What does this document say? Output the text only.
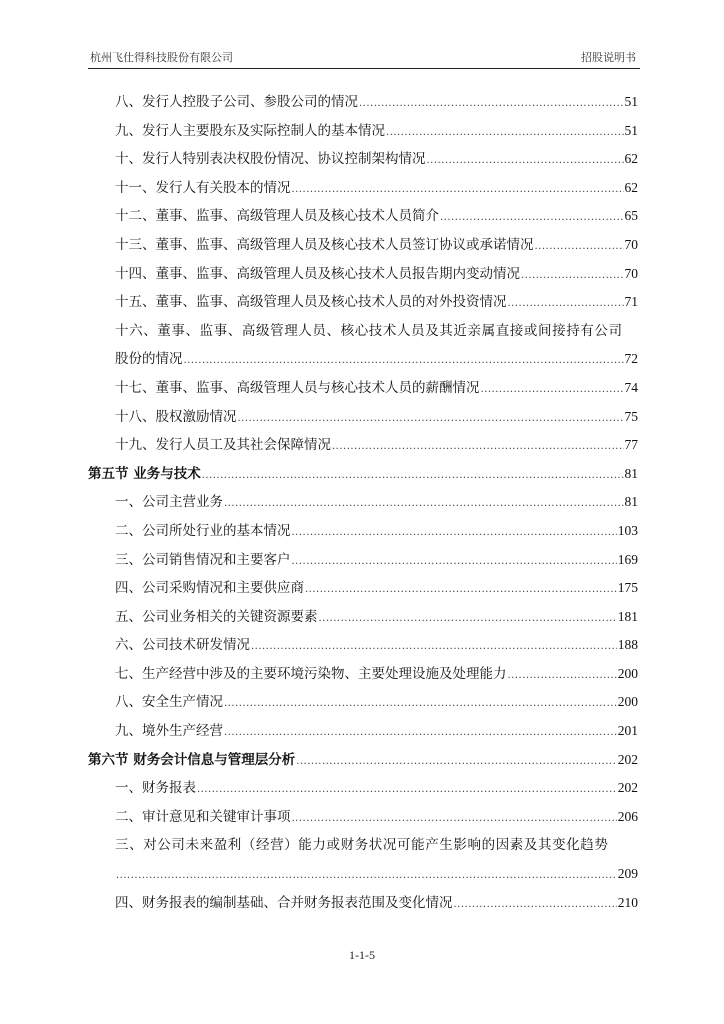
杭州飞仕得科技股份有限公司	招股说明书
八、发行人控股子公司、参股公司的情况 .....	51
九、发行人主要股东及实际控制人的基本情况 .....	51
十、发行人特别表决权股份情况、协议控制架构情况 .....	62
十一、发行人有关股本的情况 .....	62
十二、董事、监事、高级管理人员及核心技术人员简介 .....	65
十三、董事、监事、高级管理人员及核心技术人员签订协议或承诺情况 .....	70
十四、董事、监事、高级管理人员及核心技术人员报告期内变动情况 .....	70
十五、董事、监事、高级管理人员及核心技术人员的对外投资情况 .....	71
十六、董事、监事、高级管理人员、核心技术人员及其近亲属直接或间接持有公司
股份的情况 .....	72
十七、董事、监事、高级管理人员与核心技术人员的薪酬情况 .....	74
十八、股权激励情况 .....	75
十九、发行人员工及其社会保障情况 .....	77
第五节 业务与技术 .....	81
一、公司主营业务 .....	81
二、公司所处行业的基本情况 .....	103
三、公司销售情况和主要客户 .....	169
四、公司采购情况和主要供应商 .....	175
五、公司业务相关的关键资源要素 .....	181
六、公司技术研发情况 .....	188
七、生产经营中涉及的主要环境污染物、主要处理设施及处理能力 .....	200
八、安全生产情况 .....	200
九、境外生产经营 .....	201
第六节 财务会计信息与管理层分析 .....	202
一、财务报表 .....	202
二、审计意见和关键审计事项 .....	206
三、对公司未来盈利（经营）能力或财务状况可能产生影响的因素及其变化趋势
.....
209
四、财务报表的编制基础、合并财务报表范围及变化情况 .....	210
1-1-5
